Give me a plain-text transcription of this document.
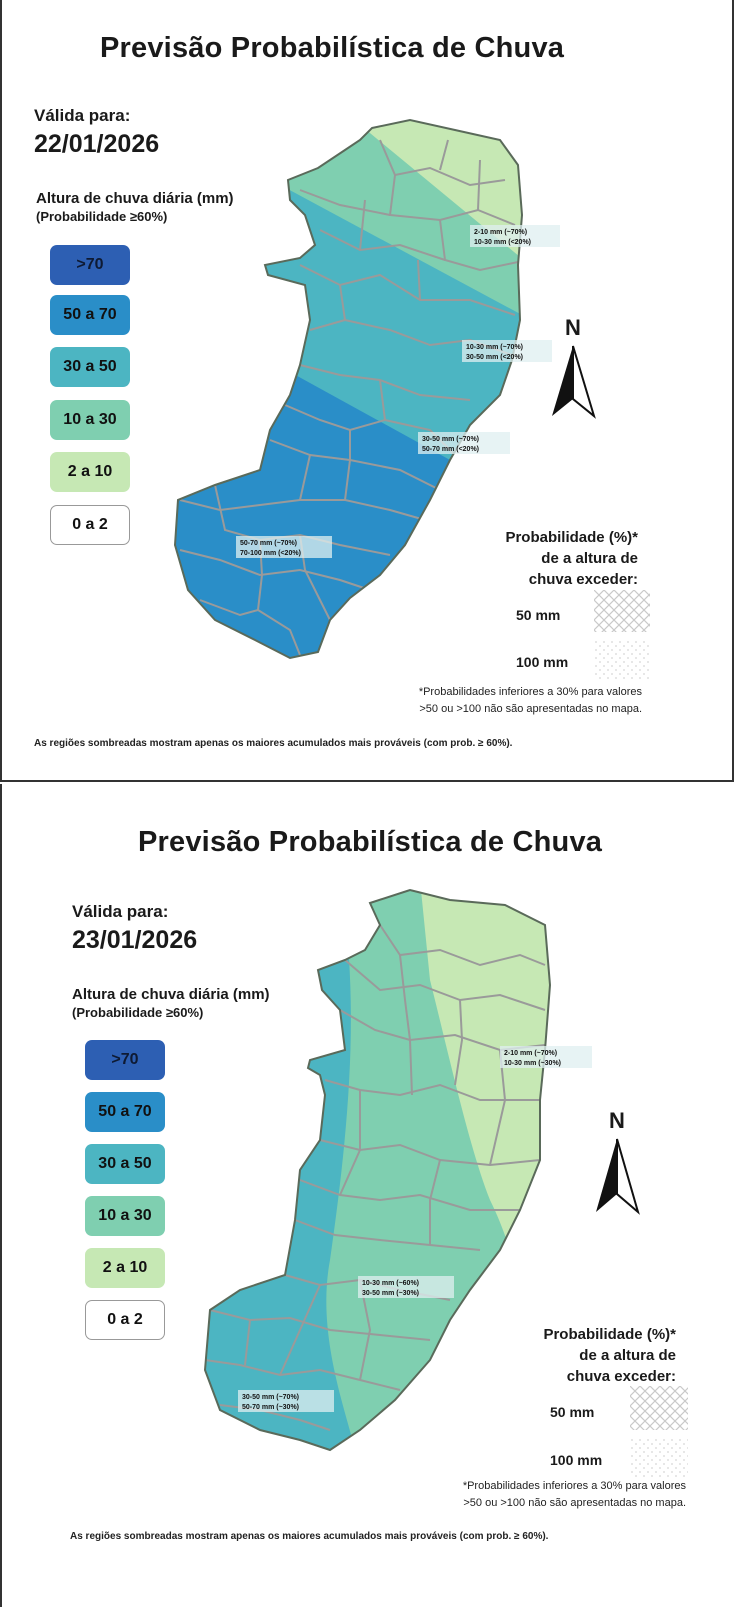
Previsão Probabilística de Chuva
Válida para:
22/01/2026
Altura de chuva diária (mm)
(Probabilidade ≥60%)
>70
50 a 70
30 a 50
10 a 30
2 a 10
0 a 2
2-10 mm (~70%)
10-30 mm (<20%)
10-30 mm (~70%)
30-50 mm (<20%)
30-50 mm (~70%)
50-70 mm (<20%)
50-70 mm (~70%)
70-100 mm (<20%)
N
Probabilidade (%)*
de a altura de
chuva exceder:
50 mm
100 mm
*Probabilidades inferiores a 30% para valores
>50 ou >100 não são apresentadas no mapa.
As regiões sombreadas mostram apenas os maiores acumulados mais prováveis (com prob. ≥ 60%).
Previsão Probabilística de Chuva
Válida para:
23/01/2026
Altura de chuva diária (mm)
(Probabilidade ≥60%)
>70
50 a 70
30 a 50
10 a 30
2 a 10
0 a 2
2-10 mm (~70%)
10-30 mm (~30%)
10-30 mm (~60%)
30-50 mm (~30%)
30-50 mm (~70%)
50-70 mm (~30%)
N
Probabilidade (%)*
de a altura de
chuva exceder:
50 mm
100 mm
*Probabilidades inferiores a 30% para valores
>50 ou >100 não são apresentadas no mapa.
As regiões sombreadas mostram apenas os maiores acumulados mais prováveis (com prob. ≥ 60%).
